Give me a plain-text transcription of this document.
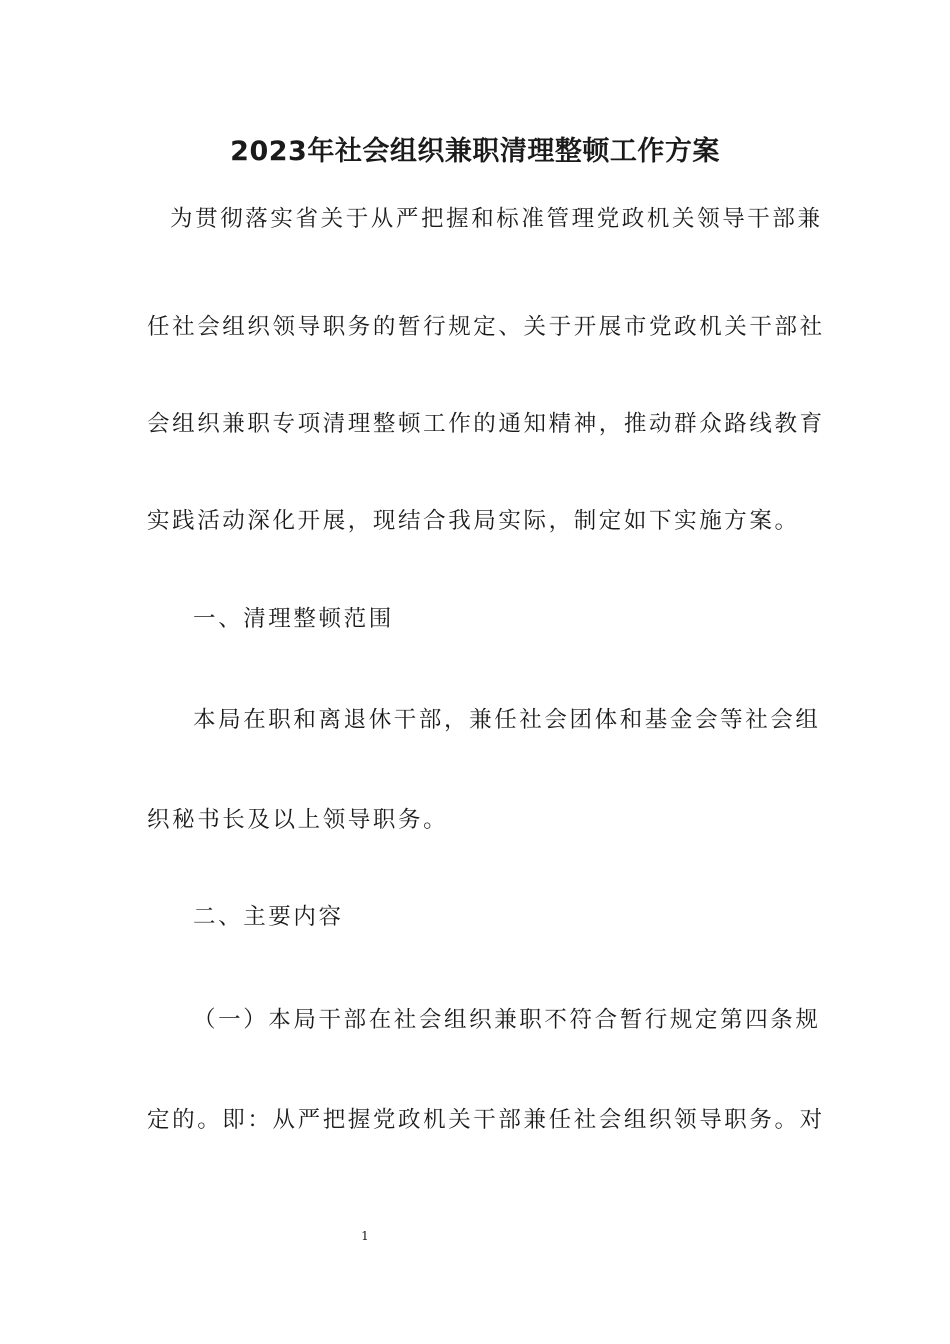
2023年社会组织兼职清理整顿工作方案

为贯彻落实省关于从严把握和标准管理党政机关领导干部兼

任社会组织领导职务的暂行规定、关于开展市党政机关干部社

会组织兼职专项清理整顿工作的通知精神，推动群众路线教育

实践活动深化开展，现结合我局实际，制定如下实施方案。

一、清理整顿范围

本局在职和离退休干部，兼任社会团体和基金会等社会组

织秘书长及以上领导职务。

二、主要内容

（一）本局干部在社会组织兼职不符合暂行规定第四条规

定的。即：从严把握党政机关干部兼任社会组织领导职务。对

1
